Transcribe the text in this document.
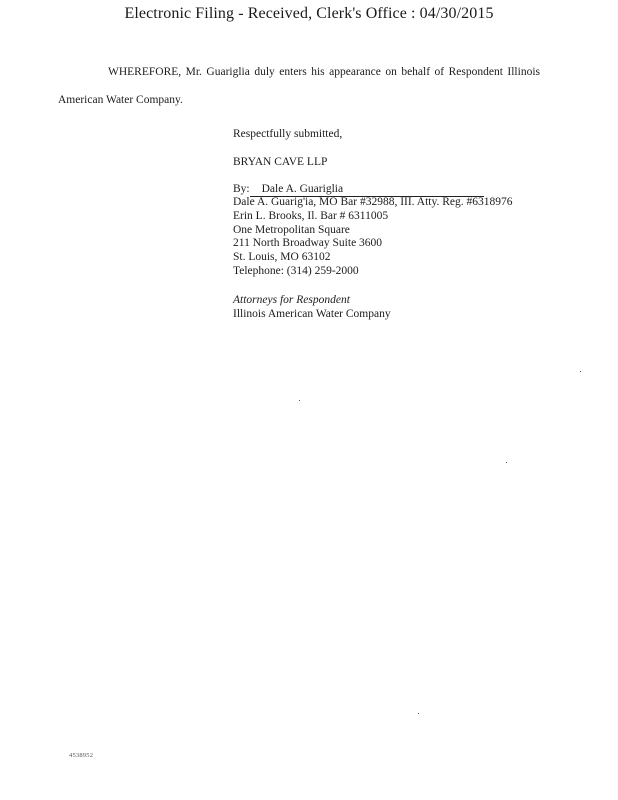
Electronic Filing - Received, Clerk's Office : 04/30/2015
WHEREFORE, Mr. Guariglia duly enters his appearance on behalf of Respondent Illinois American Water Company.
Respectfully submitted,
BRYAN CAVE LLP
By: Dale A. Guariglia
Dale A. Guarig'ia, MO Bar #32988, III. Atty. Reg. #6318976
Erin L. Brooks, Il. Bar # 6311005
One Metropolitan Square
211 North Broadway Suite 3600
St. Louis, MO 63102
Telephone: (314) 259-2000
Attorneys for Respondent
Illinois American Water Company
4538952
